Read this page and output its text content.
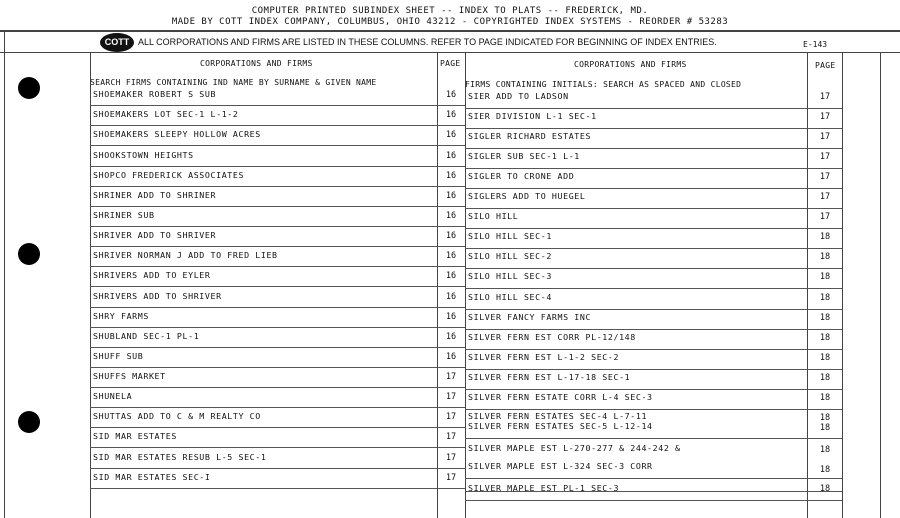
COMPUTER PRINTED SUBINDEX SHEET -- INDEX TO PLATS -- FREDERICK, MD.
MADE BY COTT INDEX COMPANY, COLUMBUS, OHIO 43212 - COPYRIGHTED INDEX SYSTEMS - REORDER # 53283
COTT ALL CORPORATIONS AND FIRMS ARE LISTED IN THESE COLUMNS. REFER TO PAGE INDICATED FOR BEGINNING OF INDEX ENTRIES.	E-143
CORPORATIONS AND FIRMS	PAGE	CORPORATIONS AND FIRMS	PAGE
SEARCH FIRMS CONTAINING IND NAME BY SURNAME & GIVEN NAME	FIRMS CONTAINING INITIALS: SEARCH AS SPACED AND CLOSED
SHOEMAKER ROBERT S SUB	16
SHOEMAKERS LOT SEC-1 L-1-2	16
SHOEMAKERS SLEEPY HOLLOW ACRES	16
SHOOKSTOWN HEIGHTS	16
SHOPCO FREDERICK ASSOCIATES	16
SHRINER ADD TO SHRINER	16
SHRINER SUB	16
SHRIVER ADD TO SHRIVER	16
SHRIVER NORMAN J ADD TO FRED LIEB	16
SHRIVERS ADD TO EYLER	16
SHRIVERS ADD TO SHRIVER	16
SHRY FARMS	16
SHUBLAND SEC-1 PL-1	16
SHUFF SUB	16
SHUFFS MARKET	17
SHUNELA	17
SHUTTAS ADD TO C & M REALTY CO	17
SID MAR ESTATES	17
SID MAR ESTATES RESUB L-5 SEC-1	17
SID MAR ESTATES SEC-I	17
SIER ADD TO LADSON	17
SIER DIVISION L-1 SEC-1	17
SIGLER RICHARD ESTATES	17
SIGLER SUB SEC-1 L-1	17
SIGLER TO CRONE ADD	17
SIGLERS ADD TO HUEGEL	17
SILO HILL	17
SILO HILL SEC-1	18
SILO HILL SEC-2	18
SILO HILL SEC-3	18
SILO HILL SEC-4	18
SILVER FANCY FARMS INC	18
SILVER FERN EST CORR PL-12/148	18
SILVER FERN EST L-1-2 SEC-2	18
SILVER FERN EST L-17-18 SEC-1	18
SILVER FERN ESTATE CORR L-4 SEC-3	18
SILVER FERN ESTATES SEC-4 L-7-11	18
SILVER FERN ESTATES SEC-5 L-12-14	18
SILVER MAPLE EST L-270-277 & 244-242 &	18
SILVER MAPLE EST L-324 SEC-3 CORR	18
SILVER MAPLE EST PL-1 SEC-3	18
